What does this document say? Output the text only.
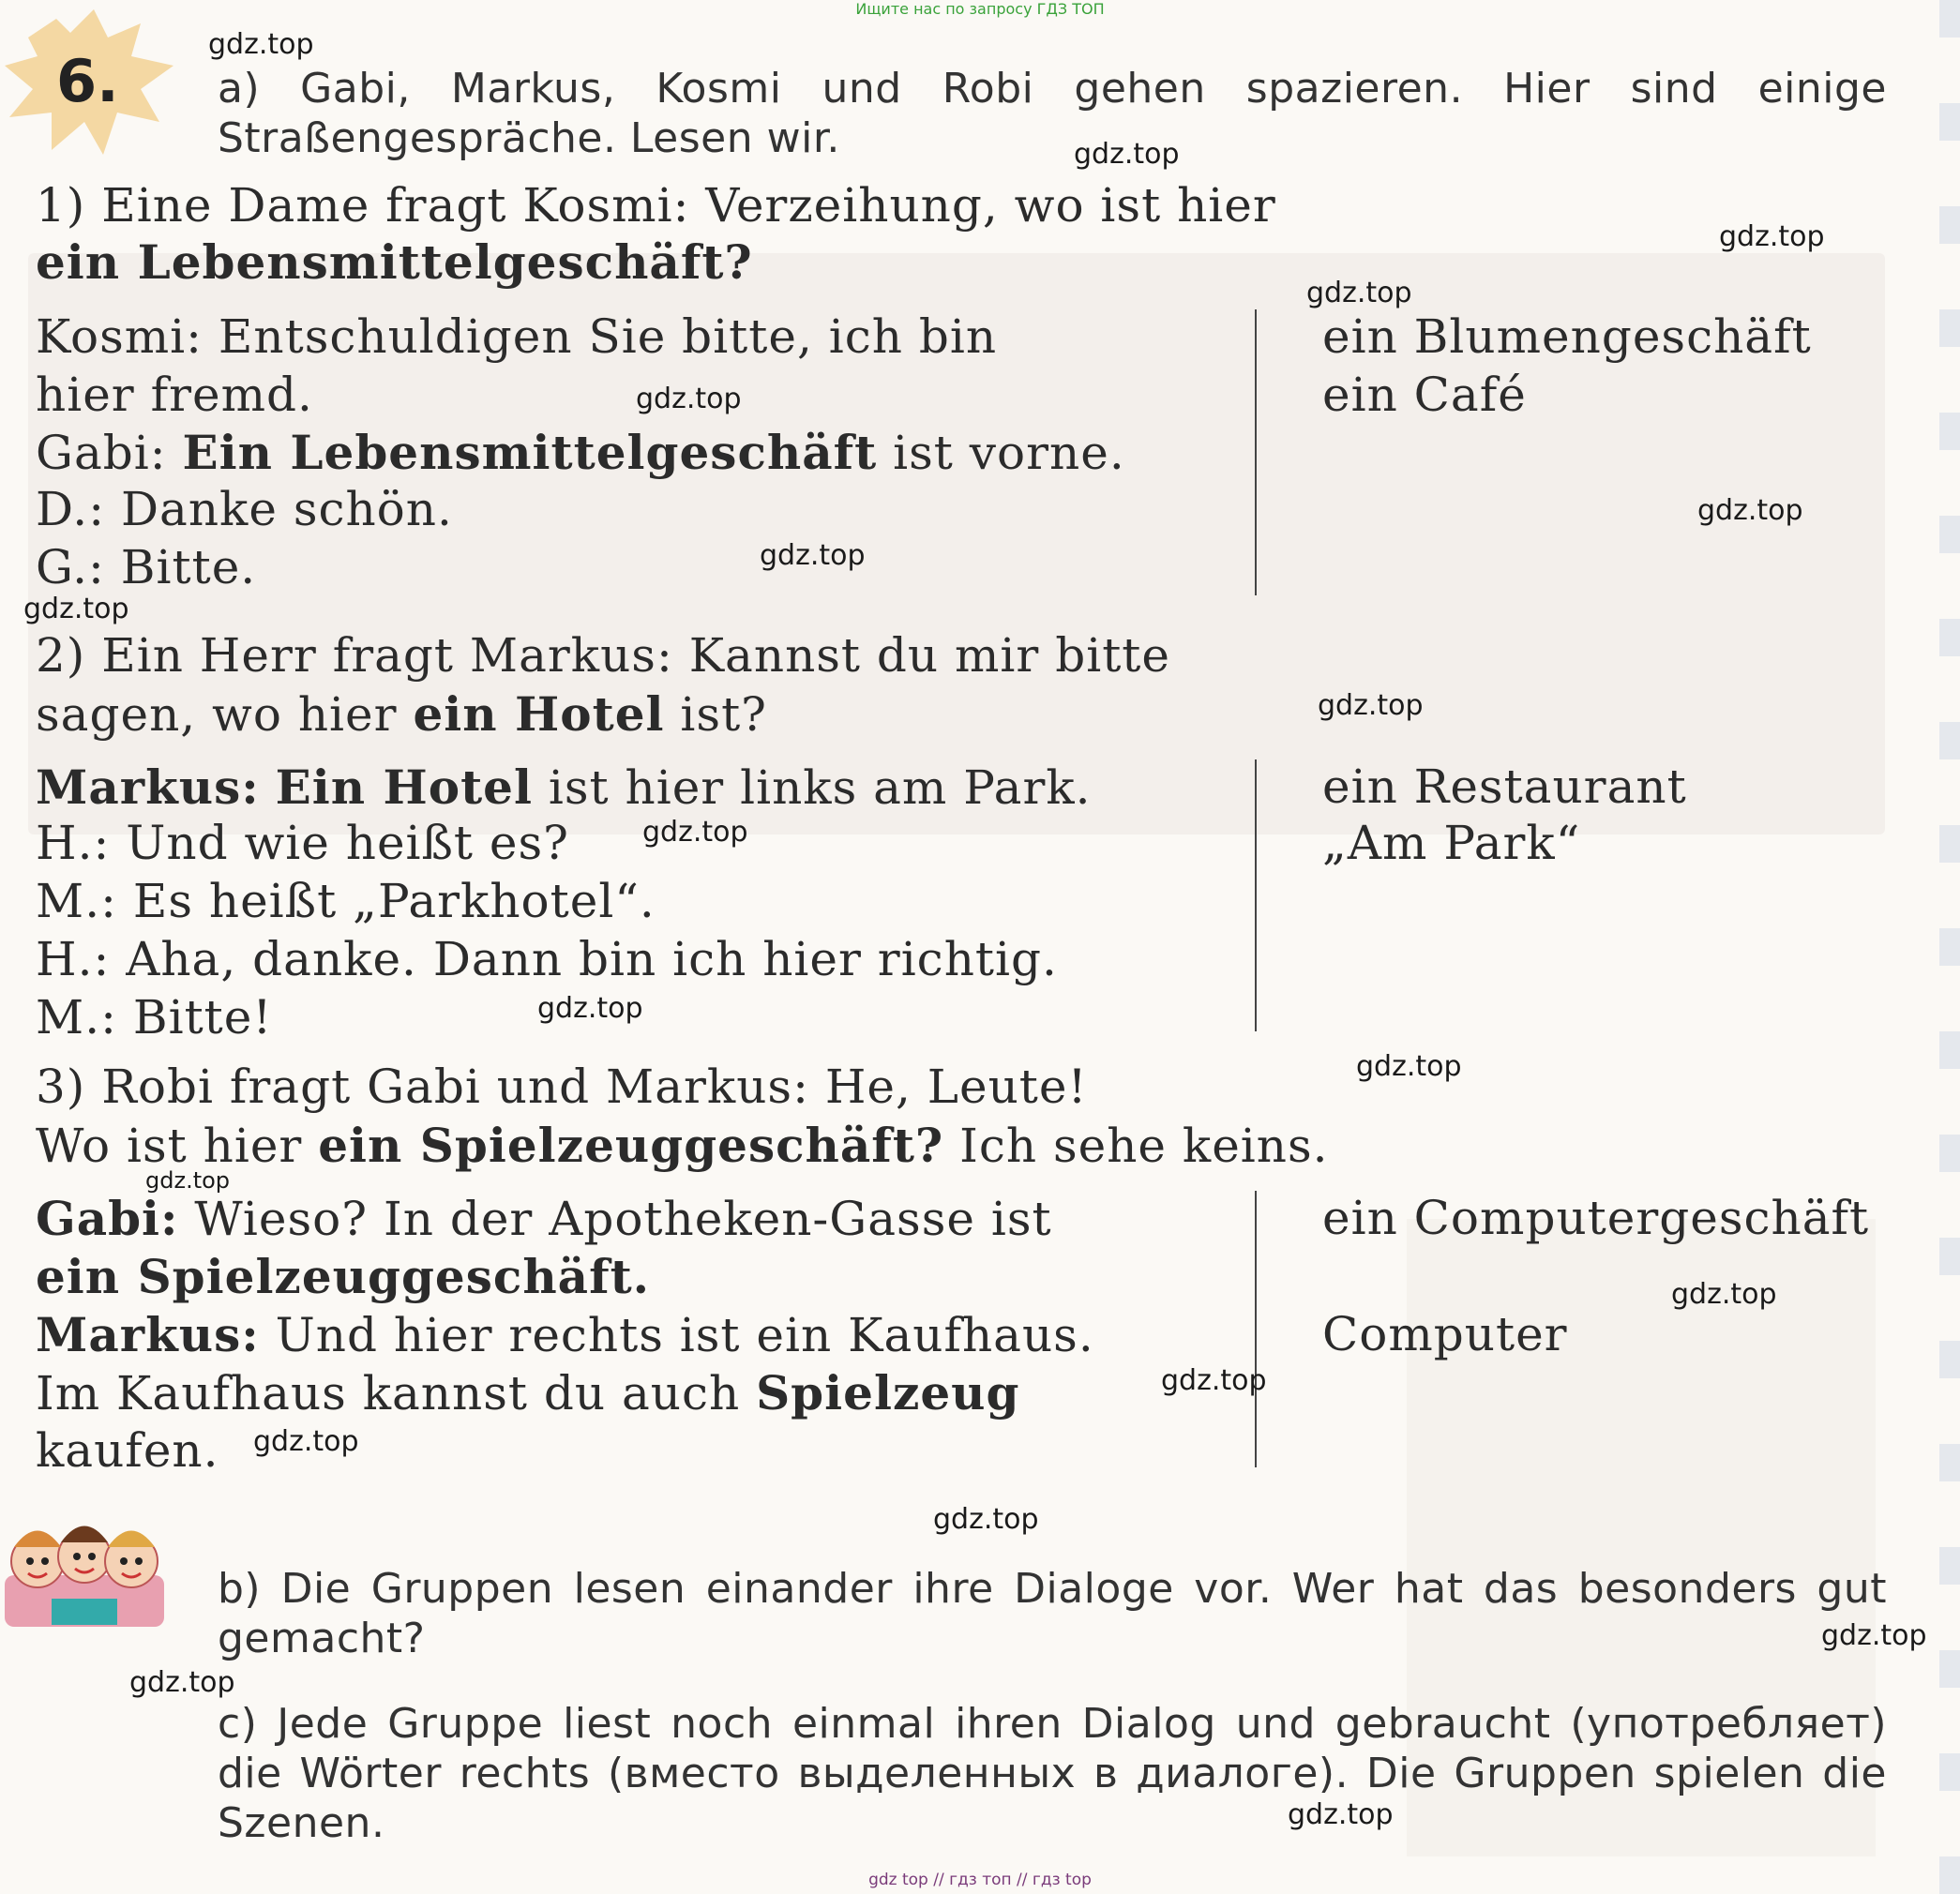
Ищите нас по запросу ГДЗ ТОП
6. a) Gabi, Markus, Kosmi und Robi gehen spazieren. Hier sind einige Straßengespräche. Lesen wir.
1) Eine Dame fragt Kosmi: Verzeihung, wo ist hier
ein Lebensmittelgeschäft?
Kosmi: Entschuldigen Sie bitte, ich bin
hier fremd.
Gabi: Ein Lebensmittelgeschäft ist vorne.
D.: Danke schön.
G.: Bitte.
ein Blumengeschäft
ein Café
2) Ein Herr fragt Markus: Kannst du mir bitte
sagen, wo hier ein Hotel ist?
Markus: Ein Hotel ist hier links am Park.
H.: Und wie heißt es?
M.: Es heißt „Parkhotel“.
H.: Aha, danke. Dann bin ich hier richtig.
M.: Bitte!
ein Restaurant
„Am Park“
3) Robi fragt Gabi und Markus: He, Leute!
Wo ist hier ein Spielzeuggeschäft? Ich sehe keins.
Gabi: Wieso? In der Apotheken-Gasse ist
ein Spielzeuggeschäft.
Markus: Und hier rechts ist ein Kaufhaus.
Im Kaufhaus kannst du auch Spielzeug
kaufen.
ein Computergeschäft
Computer
b) Die Gruppen lesen einander ihre Dialoge vor. Wer hat das besonders gut gemacht?
c) Jede Gruppe liest noch einmal ihren Dialog und gebraucht (употребляет) die Wörter rechts (вместо выделенных в диалоге). Die Gruppen spielen die Szenen.
gdz.top
gdz.top
gdz.top
gdz.top
gdz.top
gdz.top
gdz.top
gdz.top
gdz.top
gdz.top
gdz.top
gdz.top
gdz.top
gdz.top
gdz.top
gdz.top
gdz.top
gdz.top
gdz.top
gdz.top
gdz top // гдз топ // гдз top
